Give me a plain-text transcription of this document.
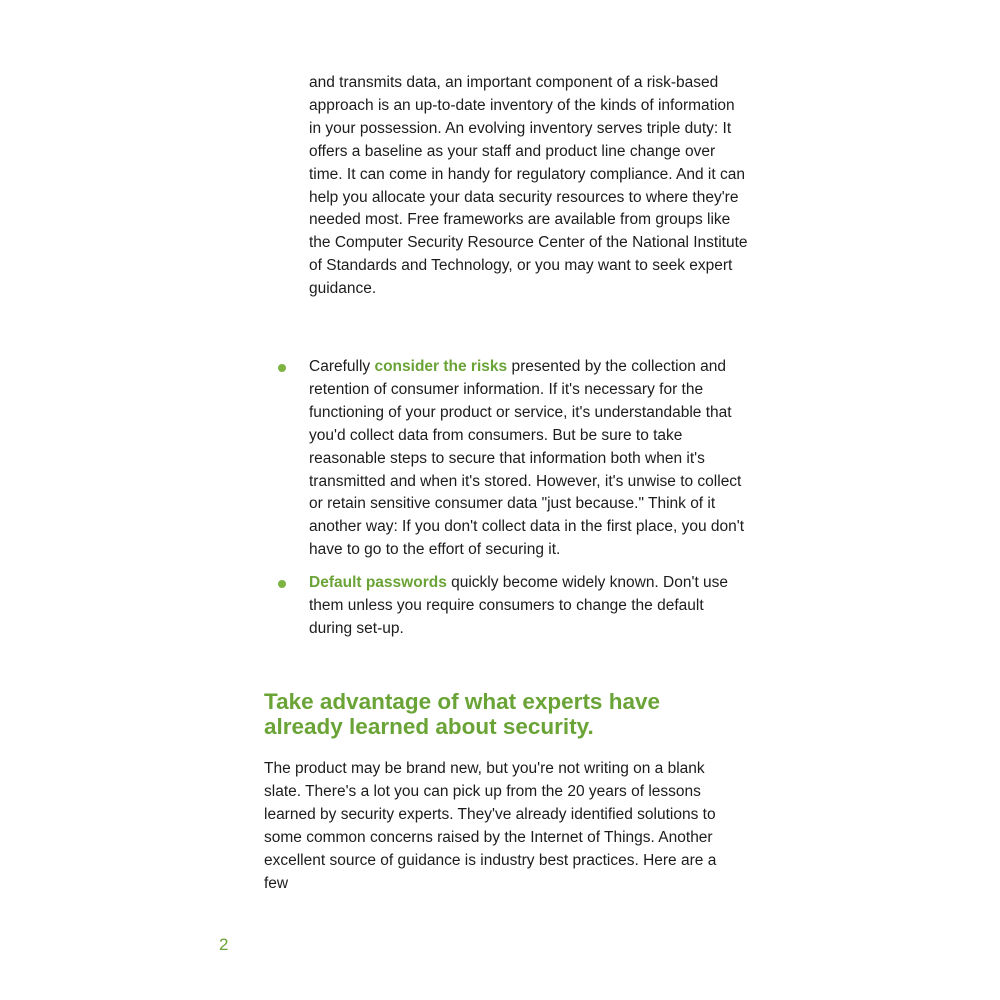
and transmits data, an important component of a risk-based approach is an up-to-date inventory of the kinds of information in your possession. An evolving inventory serves triple duty: It offers a baseline as your staff and product line change over time. It can come in handy for regulatory compliance. And it can help you allocate your data security resources to where they're needed most. Free frameworks are available from groups like the Computer Security Resource Center of the National Institute of Standards and Technology, or you may want to seek expert guidance.

Carefully consider the risks presented by the collection and retention of consumer information. If it's necessary for the functioning of your product or service, it's understandable that you'd collect data from consumers. But be sure to take reasonable steps to secure that information both when it's transmitted and when it's stored. However, it's unwise to collect or retain sensitive consumer data "just because." Think of it another way: If you don't collect data in the first place, you don't have to go to the effort of securing it.
Default passwords quickly become widely known. Don't use them unless you require consumers to change the default during set-up.
Take advantage of what experts have already learned about security.

The product may be brand new, but you're not writing on a blank slate. There's a lot you can pick up from the 20 years of lessons learned by security experts. They've already identified solutions to some common concerns raised by the Internet of Things. Another excellent source of guidance is industry best practices. Here are a few

2
